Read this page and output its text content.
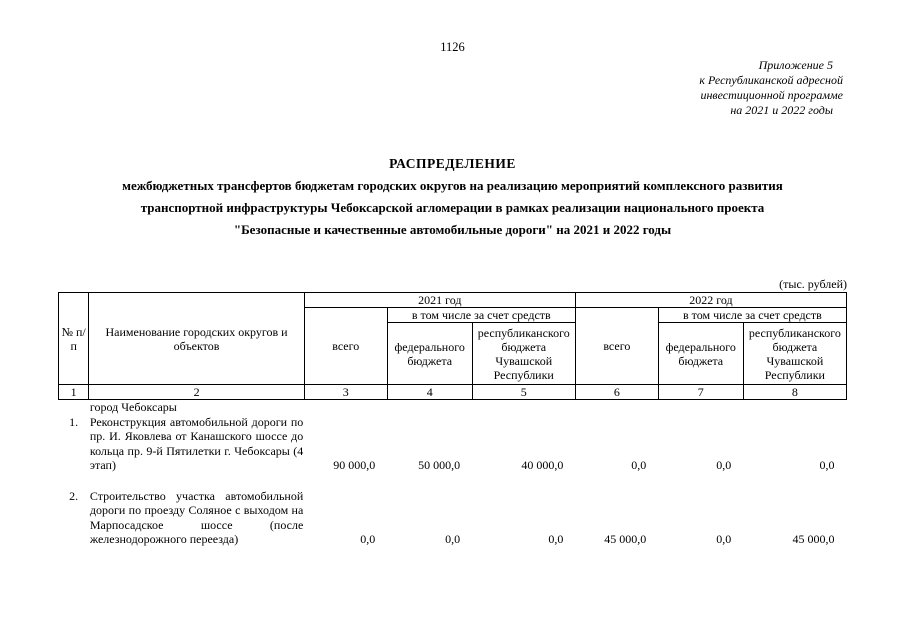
1126
Приложение 5
к Республиканской адресной
инвестиционной программе
на 2021 и 2022 годы
РАСПРЕДЕЛЕНИЕ
межбюджетных трансфертов бюджетам городских округов на реализацию мероприятий комплексного развития
транспортной инфраструктуры Чебоксарской агломерации в рамках реализации национального проекта
"Безопасные и качественные автомобильные дороги" на 2021 и 2022 годы
(тыс. рублей)
№ п/п	Наименование городских округов и объектов	2021 год			2022 год		
		всего	в том числе за счет средств		всего	в том числе за счет средств	
			федерального бюджета	республиканского бюджета Чувашской Республики		федерального бюджета	республиканского бюджета Чувашской Республики
1	2	3	4	5	6	7	8
	город Чебоксары						
1.	Реконструкция автомобильной дороги по пр. И. Яковлева от Канашского шоссе до кольца пр. 9-й Пятилетки г. Чебоксары (4 этап)	90 000,0	50 000,0	40 000,0	0,0	0,0	0,0

2.	Строительство участка автомобильной дороги по проезду Соляное с выходом на Марпосадское шоссе (после железнодорожного переезда)	0,0	0,0	0,0	45 000,0	0,0	45 000,0
